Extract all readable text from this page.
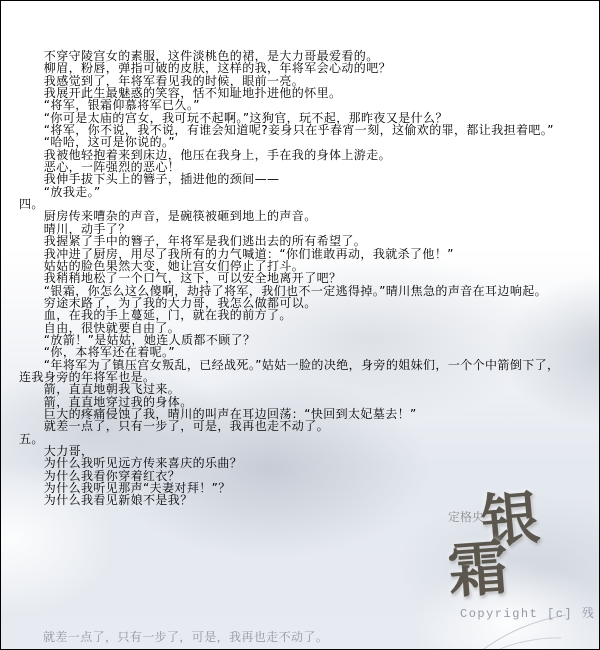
　　不穿守陵宫女的素服，这件淡桃色的裙，是大力哥最爱看的。
　　柳眉，粉唇，弹指可破的皮肤，这样的我，年将军会心动的吧？
　　我感觉到了，年将军看见我的时候，眼前一亮。
　　我展开此生最魅惑的笑容，恬不知耻地扑进他的怀里。
　　“将军，银霜仰慕将军已久。”
　　“你可是太庙的宫女，我可玩不起啊。”这狗官，玩不起，那昨夜又是什么？
　　“将军，你不说，我不说，有谁会知道呢?妾身只在乎春宵一刻，这偷欢的罪，都让我担着吧。”
　　“哈哈，这可是你说的。”
　　我被他轻抱着来到床边，他压在我身上，手在我的身体上游走。
　　恶心，一阵强烈的恶心！
　　我伸手拔下头上的簪子，插进他的颈间——
　　“放我走。”
四。
　　厨房传来嘈杂的声音，是碗筷被砸到地上的声音。
　　晴川，动手了？
　　我握紧了手中的簪子，年将军是我们逃出去的所有希望了。
　　我冲进了厨房，用尽了我所有的力气喊道：“你们谁敢再动，我就杀了他！”
　　姑姑的脸色果然大变，她让宫女们停止了打斗。
　　我稍稍地松了一个口气，这下，可以安全地离开了吧？
　　“银霜，你怎么这么傻啊，劫持了将军，我们也不一定逃得掉。”晴川焦急的声音在耳边响起。
　　穷途末路了，为了我的大力哥，我怎么做都可以。
　　血，在我的手上蔓延，门，就在我的前方了。
　　自由，很快就要自由了。
　　“放箭！”是姑姑，她连人质都不顾了？
　　“你，本将军还在着呢。”
　　“年将军为了镇压宫女叛乱，已经战死。”姑姑一脸的决绝，身旁的姐妹们，一个个中箭倒下了，
连我身旁的年将军也是。
　　箭，直直地朝我飞过来。
　　箭，直直地穿过我的身体。
　　巨大的疼痛侵蚀了我，晴川的叫声在耳边回荡：“快回到太妃墓去！”
　　就差一点了，只有一步了，可是，我再也走不动了。
五。
　　大力哥，
　　为什么我听见远方传来喜庆的乐曲？
　　为什么我看你穿着红衣？
　　为什么我听见那声“夫妻对拜！”？
　　为什么我看见新娘不是我？
就差一点了，只有一步了，可是，我再也走不动了。
定格央
银
霜
Copyright [c] 残
